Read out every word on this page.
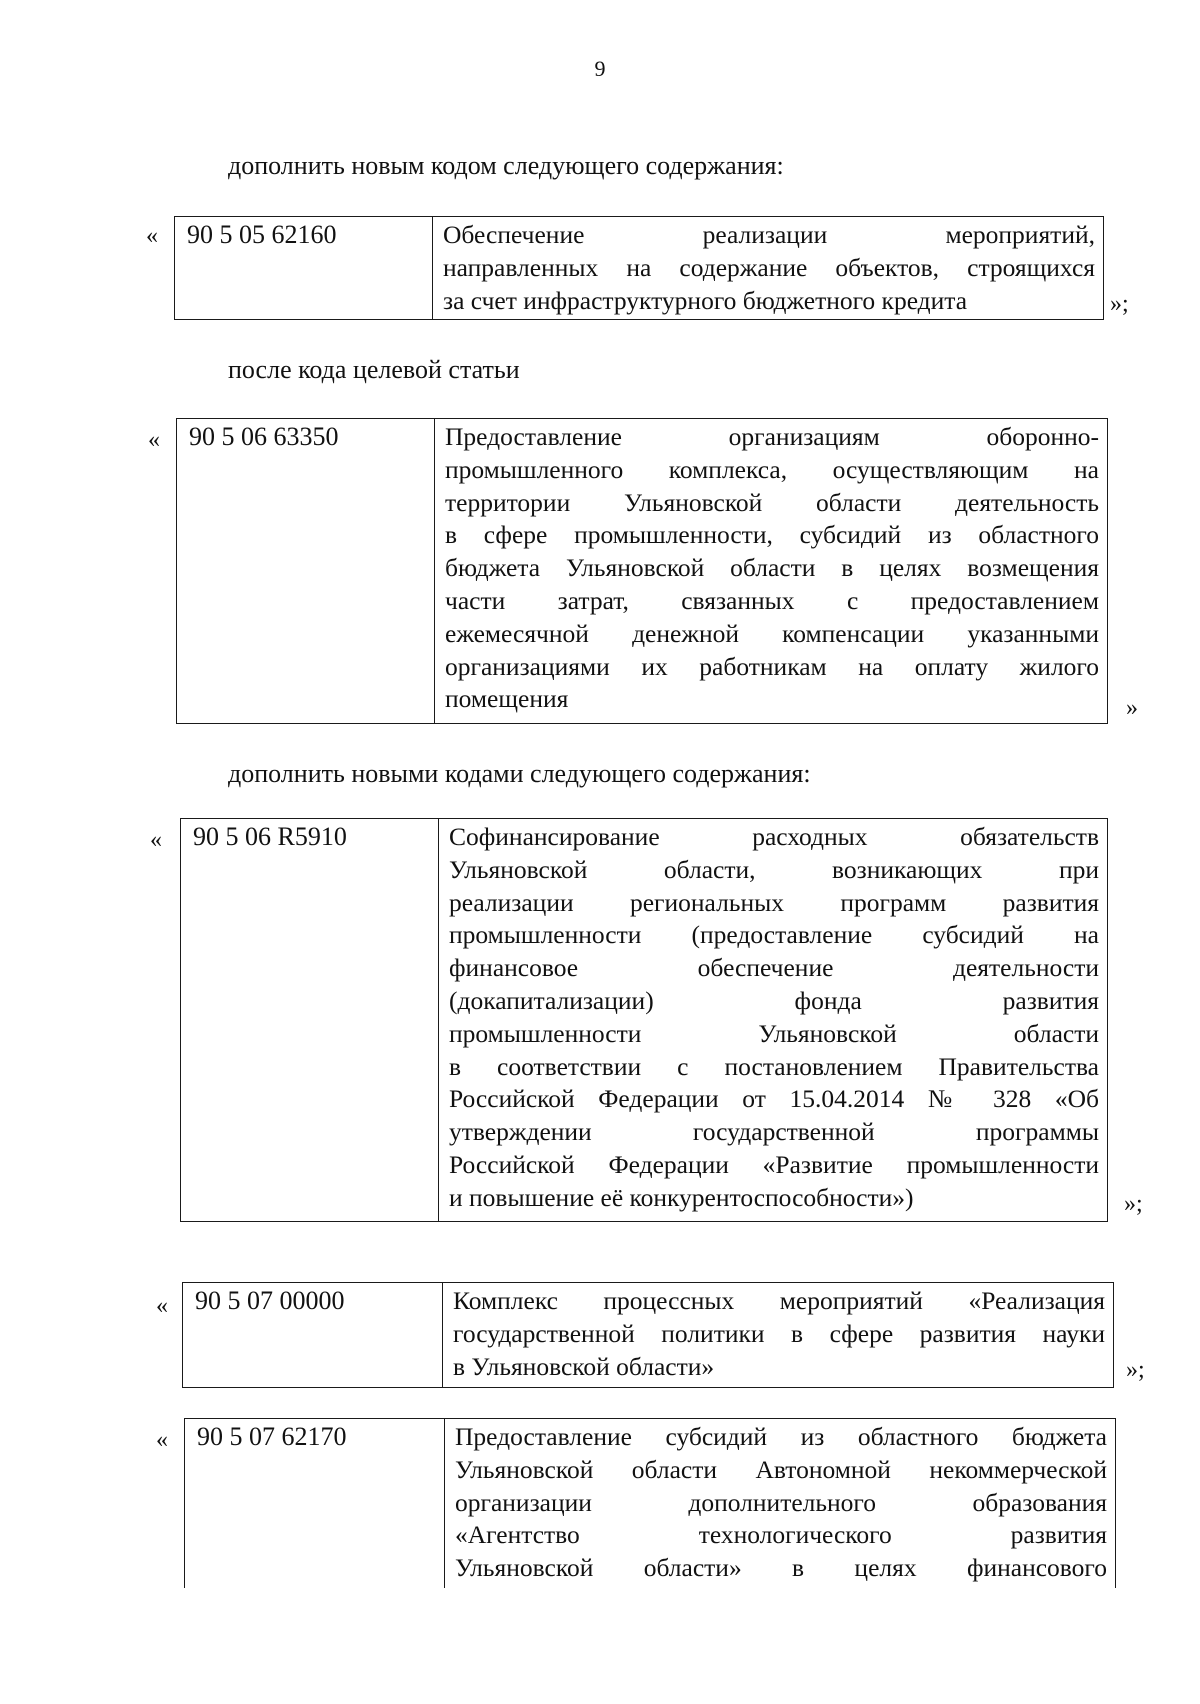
9
дополнить новым кодом следующего содержания:
«	90 5 05 62160	Обеспечение реализации мероприятий,
направленных на содержание объектов, строящихся
за счет инфраструктурного бюджетного кредита	»;
после кода целевой статьи
«	90 5 06 63350	Предоставление организациям оборонно-
промышленного комплекса, осуществляющим на
территории Ульяновской области деятельность
в сфере промышленности, субсидий из областного
бюджета Ульяновской области в целях возмещения
части затрат, связанных с предоставлением
ежемесячной денежной компенсации указанными
организациями их работникам на оплату жилого
помещения	»
дополнить новыми кодами следующего содержания:
«	90 5 06 R5910	Софинансирование расходных обязательств
Ульяновской области, возникающих при
реализации региональных программ развития
промышленности (предоставление субсидий на
финансовое обеспечение деятельности
(докапитализации) фонда развития
промышленности Ульяновской области
в соответствии с постановлением Правительства
Российской Федерации от 15.04.2014 № 328 «Об
утверждении государственной программы
Российской Федерации «Развитие промышленности
и повышение её конкурентоспособности»)	»;
«	90 5 07 00000	Комплекс процессных мероприятий «Реализация
государственной политики в сфере развития науки
в Ульяновской области»	»;
«	90 5 07 62170	Предоставление субсидий из областного бюджета
Ульяновской области Автономной некоммерческой
организации дополнительного образования
«Агентство технологического развития
Ульяновской области» в целях финансового
